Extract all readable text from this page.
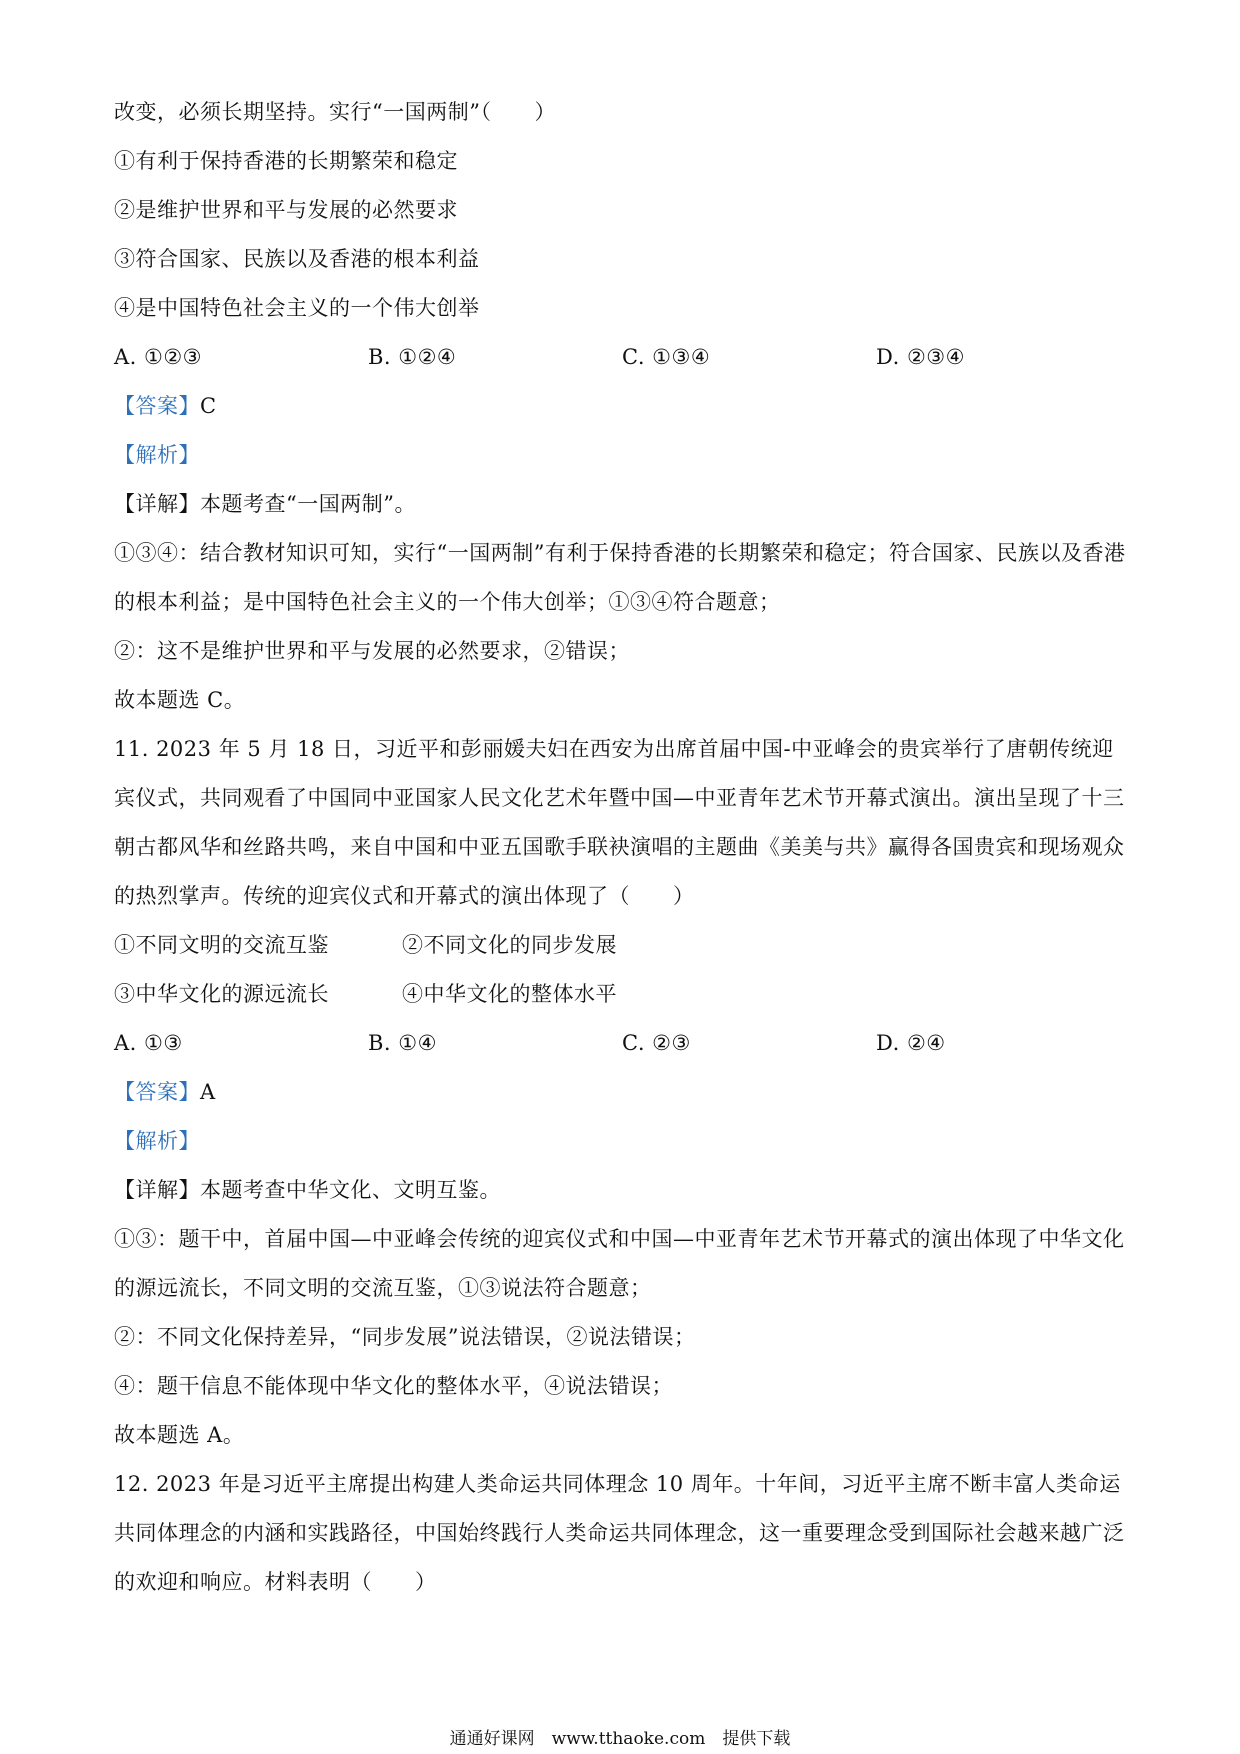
改变，必须长期坚持。实行“一国两制”（　　）
①有利于保持香港的长期繁荣和稳定
②是维护世界和平与发展的必然要求
③符合国家、民族以及香港的根本利益
④是中国特色社会主义的一个伟大创举
A. ①②③	B. ①②④	C. ①③④	D. ②③④
【答案】C
【解析】
【详解】本题考查“一国两制”。
①③④：结合教材知识可知，实行“一国两制”有利于保持香港的长期繁荣和稳定；符合国家、民族以及香港的根本利益；是中国特色社会主义的一个伟大创举；①③④符合题意；
②：这不是维护世界和平与发展的必然要求，②错误；
故本题选 C。
11. 2023 年 5 月 18 日，习近平和彭丽媛夫妇在西安为出席首届中国-中亚峰会的贵宾举行了唐朝传统迎宾仪式，共同观看了中国同中亚国家人民文化艺术年暨中国—中亚青年艺术节开幕式演出。演出呈现了十三朝古都风华和丝路共鸣，来自中国和中亚五国歌手联袂演唱的主题曲《美美与共》赢得各国贵宾和现场观众的热烈掌声。传统的迎宾仪式和开幕式的演出体现了（　　）
①不同文明的交流互鉴	②不同文化的同步发展
③中华文化的源远流长	④中华文化的整体水平
A. ①③	B. ①④	C. ②③	D. ②④
【答案】A
【解析】
【详解】本题考查中华文化、文明互鉴。
①③：题干中，首届中国—中亚峰会传统的迎宾仪式和中国—中亚青年艺术节开幕式的演出体现了中华文化的源远流长，不同文明的交流互鉴，①③说法符合题意；
②：不同文化保持差异，“同步发展”说法错误，②说法错误；
④：题干信息不能体现中华文化的整体水平，④说法错误；
故本题选 A。
12. 2023 年是习近平主席提出构建人类命运共同体理念 10 周年。十年间，习近平主席不断丰富人类命运共同体理念的内涵和实践路径，中国始终践行人类命运共同体理念，这一重要理念受到国际社会越来越广泛的欢迎和响应。材料表明（　　）
通通好课网　www.tthaoke.com　提供下载
